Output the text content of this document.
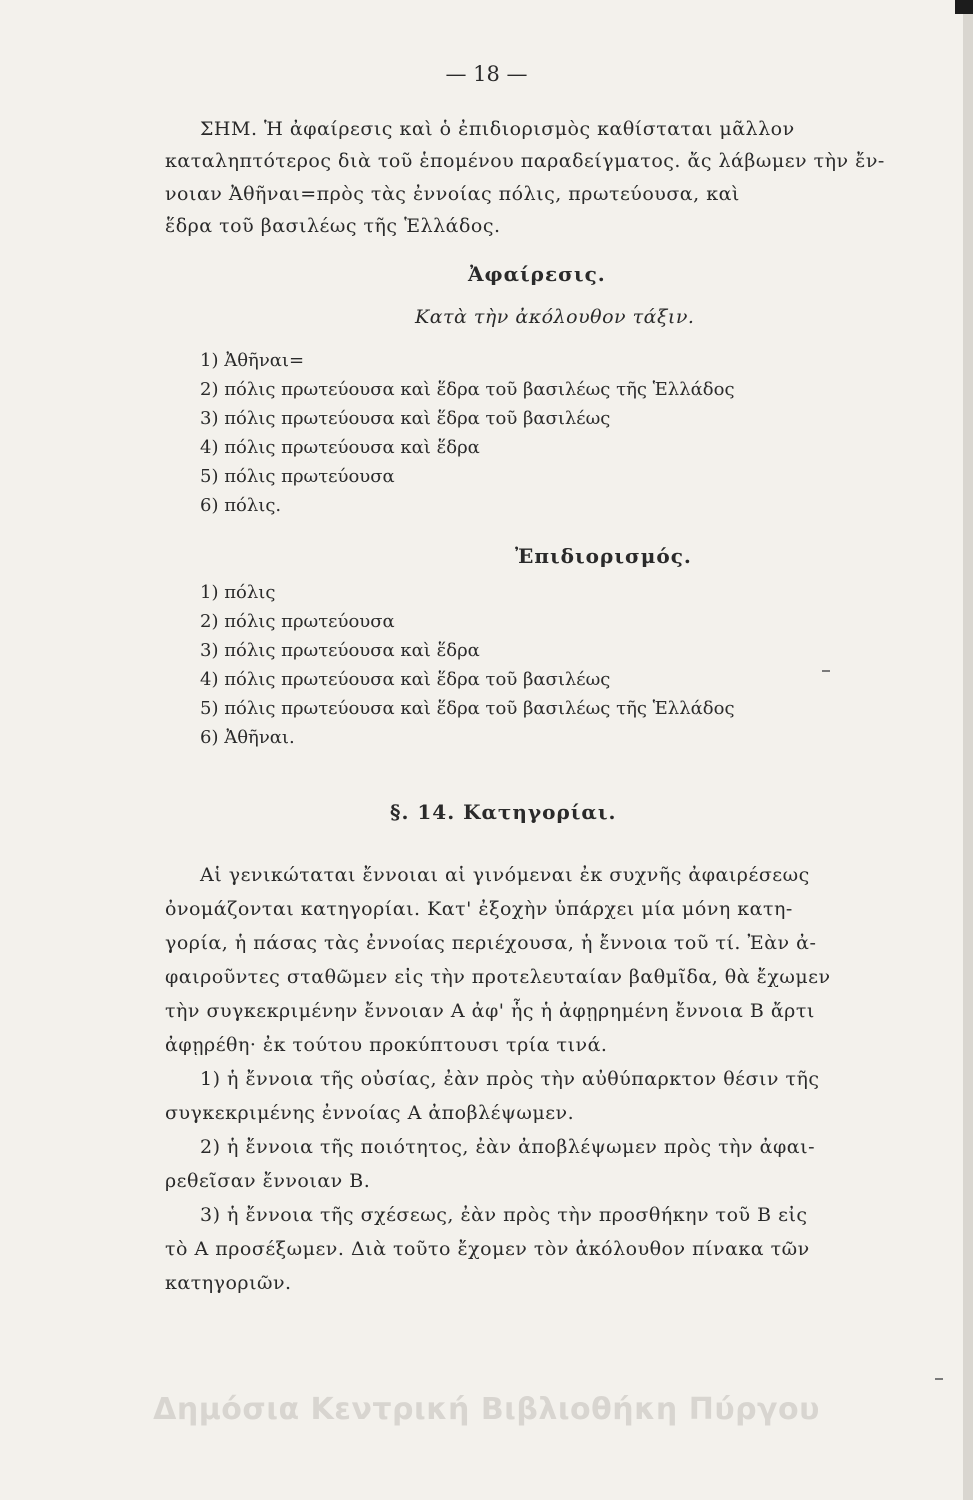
— 18 —
ΣΗΜ. Ἡ ἀφαίρεσις καὶ ὁ ἐπιδιορισμὸς καθίσταται μᾶλλον
καταληπτότερος διὰ τοῦ ἑπομένου παραδείγματος. ἄς λάβωμεν τὴν ἔν-
νοιαν Ἀθῆναι=πρὸς τὰς ἐννοίας πόλις, πρωτεύουσα, καὶ
ἕδρα τοῦ βασιλέως τῆς Ἑλλάδος.
Ἀφαίρεσις.
Κατὰ τὴν ἀκόλουθον τάξιν.
1) Ἀθῆναι=
2) πόλις πρωτεύουσα καὶ ἕδρα τοῦ βασιλέως τῆς Ἑλλάδος
3) πόλις πρωτεύουσα καὶ ἕδρα τοῦ βασιλέως
4) πόλις πρωτεύουσα καὶ ἕδρα
5) πόλις πρωτεύουσα
6) πόλις.
Ἐπιδιορισμός.
1) πόλις
2) πόλις πρωτεύουσα
3) πόλις πρωτεύουσα καὶ ἕδρα
4) πόλις πρωτεύουσα καὶ ἕδρα τοῦ βασιλέως
5) πόλις πρωτεύουσα καὶ ἕδρα τοῦ βασιλέως τῆς Ἑλλάδος
6) Ἀθῆναι.
§. 14. Κατηγορίαι.
Αἱ γενικώταται ἔννοιαι αἱ γινόμεναι ἐκ συχνῆς ἀφαιρέσεως
ὀνομάζονται κατηγορίαι. Κατ' ἐξοχὴν ὑπάρχει μία μόνη κατη-
γορία, ἡ πάσας τὰς ἐννοίας περιέχουσα, ἡ ἔννοια τοῦ τί. Ἐὰν ἀ-
φαιροῦντες σταθῶμεν εἰς τὴν προτελευταίαν βαθμῖδα, θὰ ἔχωμεν
τὴν συγκεκριμένην ἔννοιαν Α ἀφ' ἧς ἡ ἀφῃρημένη ἔννοια Β ἄρτι
ἀφῃρέθη· ἐκ τούτου προκύπτουσι τρία τινά.
1) ἡ ἔννοια τῆς οὐσίας, ἐὰν πρὸς τὴν αὐθύπαρκτον θέσιν τῆς
συγκεκριμένης ἐννοίας Α ἀποβλέψωμεν.
2) ἡ ἔννοια τῆς ποιότητος, ἐὰν ἀποβλέψωμεν πρὸς τὴν ἀφαι-
ρεθεῖσαν ἔννοιαν Β.
3) ἡ ἔννοια τῆς σχέσεως, ἐὰν πρὸς τὴν προσθήκην τοῦ Β εἰς
τὸ Α προσέξωμεν. Διὰ τοῦτο ἔχομεν τὸν ἀκόλουθον πίνακα τῶν
κατηγοριῶν.
Δημόσια Κεντρική Βιβλιοθήκη Πύργου
